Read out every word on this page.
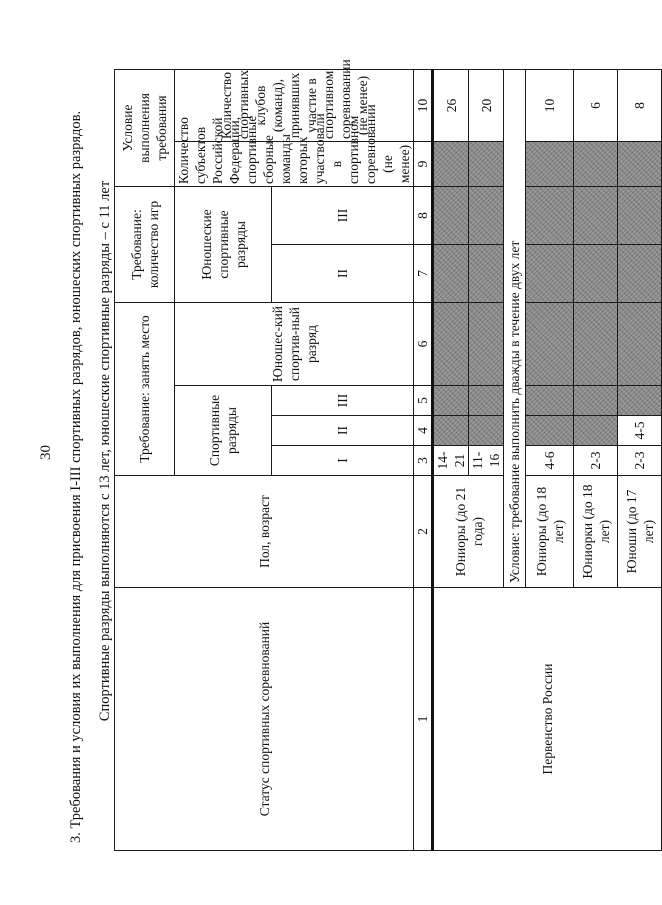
30 3. Требования и условия их выполнения для присвоения I-III спортивных разрядов, юношеских спортивных разрядов. Спортивные разряды выполняются с 13 лет, юношеские спортивные разряды – с 11 лет	Статус спортивных соревнований	Пол, возраст	Требование: занять место				Требование: количество игр		Условие выполнения требования	
		Спортивные разряды			Юношес-кий спортив-ный разряд	Юношеские спортивные разряды		Количество субъектов Российской Федерации, спортивные сборные команды которых участвовали в спортивном соревновании (не менее)	Количество спортивных клубов (команд), принявших участие в спортивном соревновании (не менее)
		I	II	III		II	III		
1	2	3	4	5	6	7	8	9	10
Первенство России	Юниоры (до 21 года)	14-21							26
		11-16							20
	Условие: требование выполнить дважды в течение двух лет								
	Юниоры (до 18 лет)	4-6							10
	Юниорки (до 18 лет)	2-3							6
	Юноши (до 17 лет)	2-3	4-5						8
